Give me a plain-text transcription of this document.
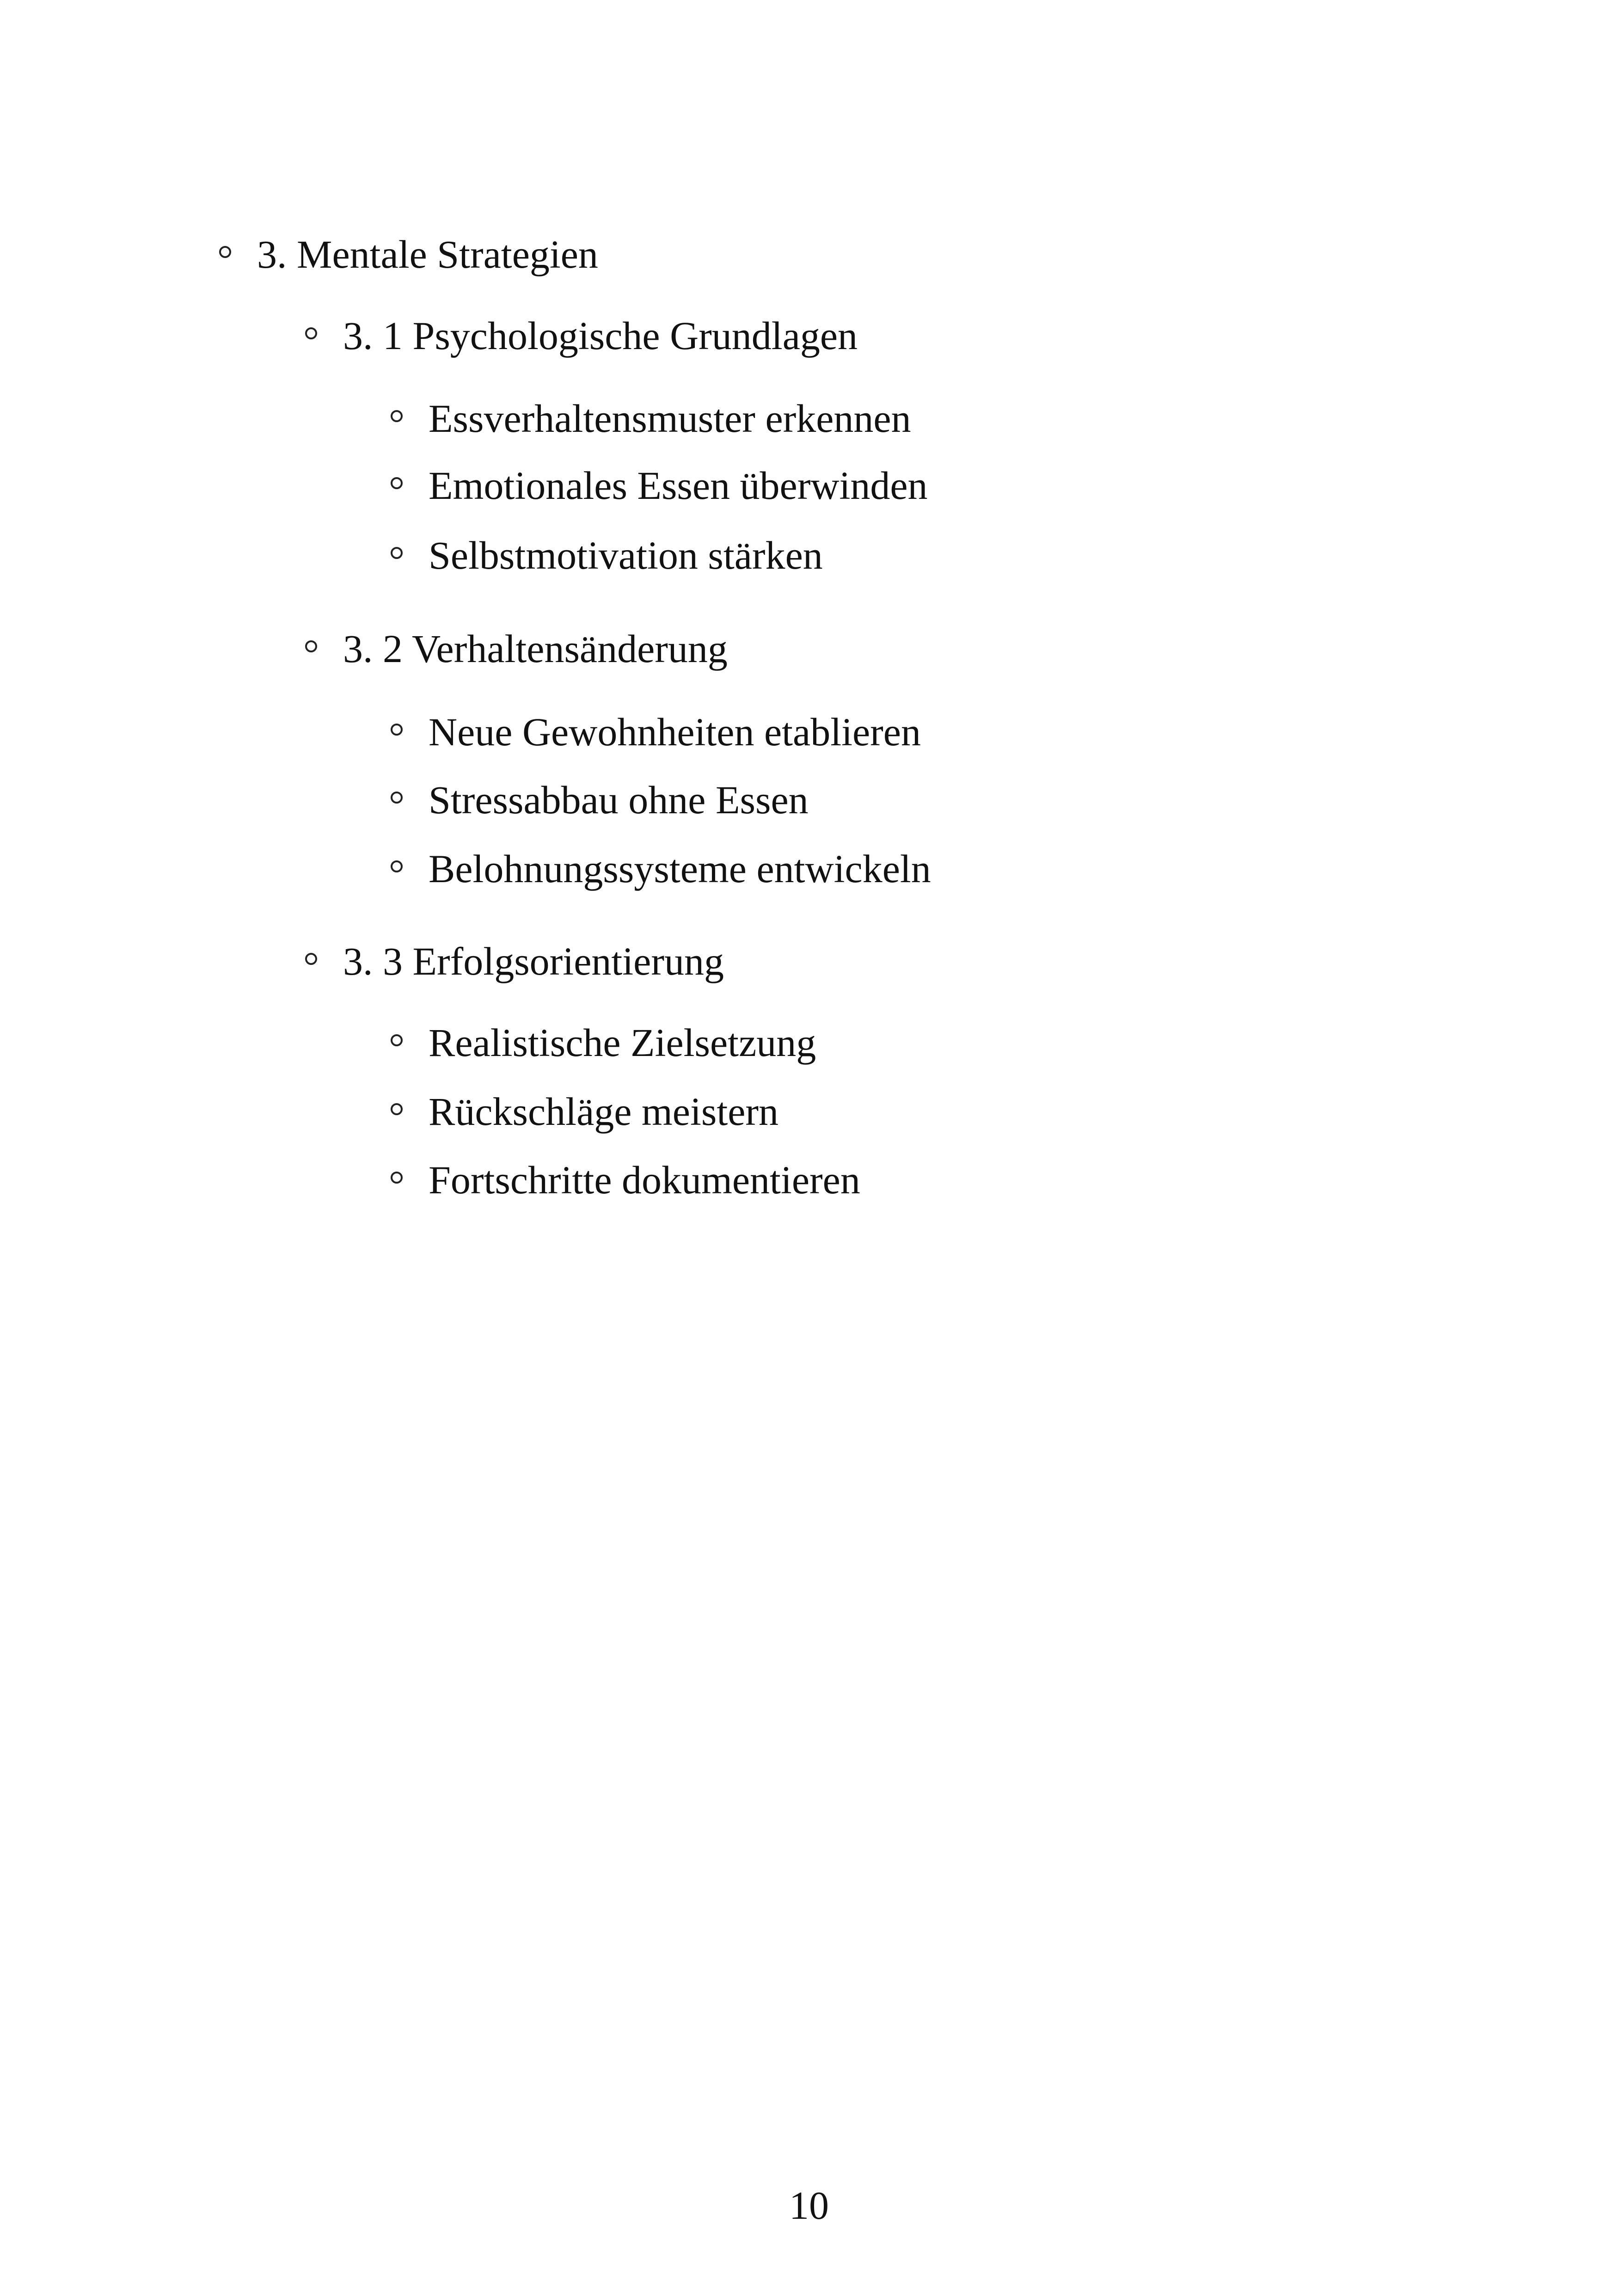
3. Mentale Strategien
3. 1 Psychologische Grundlagen
Essverhaltensmuster erkennen
Emotionales Essen überwinden
Selbstmotivation stärken
3. 2 Verhaltensänderung
Neue Gewohnheiten etablieren
Stressabbau ohne Essen
Belohnungssysteme entwickeln
3. 3 Erfolgsorientierung
Realistische Zielsetzung
Rückschläge meistern
Fortschritte dokumentieren
10
